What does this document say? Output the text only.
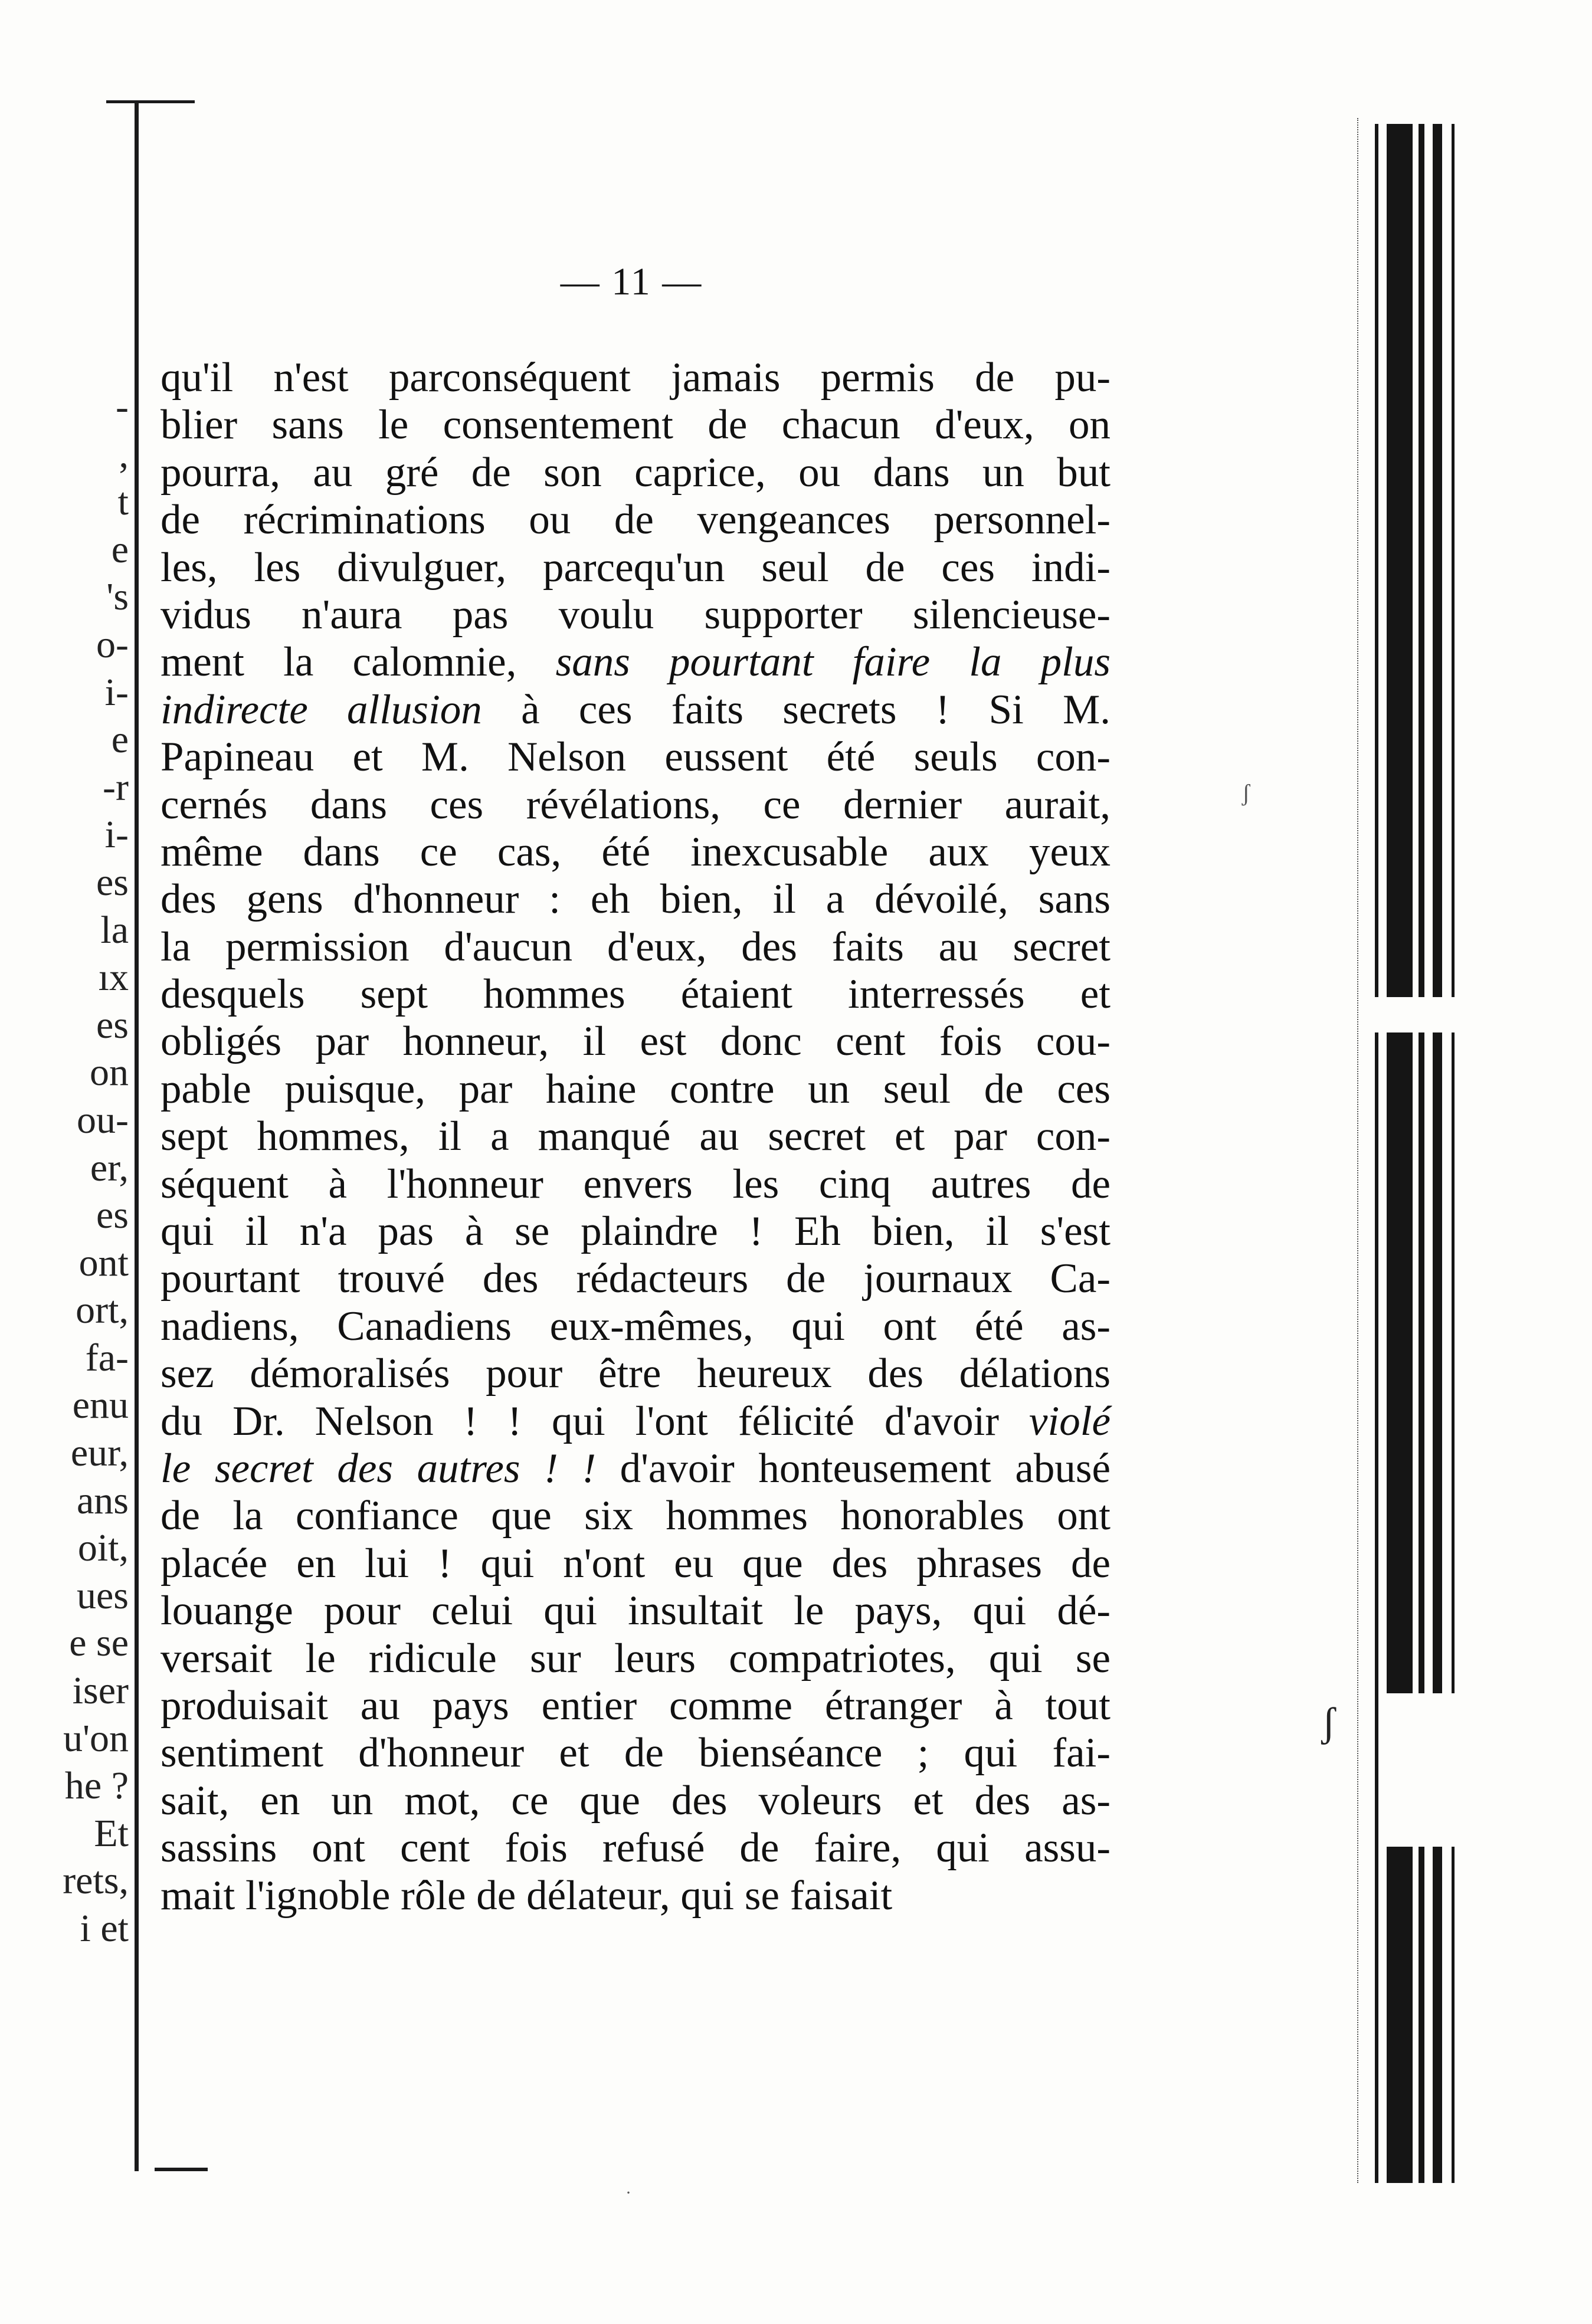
-
,
t
e
's
o-
i-
e
-r
i-
es
la
ıx
es
on
ou-
er,
es
ont
ort,
fa-
enu
eur,
ans
oit,
ues
e se
iser
u'on
he ?
Et
rets,
i et
— 11 —
qu'il n'est parconséquent jamais permis de pu-
blier sans le consentement de chacun d'eux, on
pourra, au gré de son caprice, ou dans un but
de récriminations ou de vengeances personnel-
les, les divulguer, parcequ'un seul de ces indi-
vidus n'aura pas voulu supporter silencieuse-
ment la calomnie, sans pourtant faire la plus
indirecte allusion à ces faits secrets ! Si M.
Papineau et M. Nelson eussent été seuls con-
cernés dans ces révélations, ce dernier aurait,
même dans ce cas, été inexcusable aux yeux
des gens d'honneur : eh bien, il a dévoilé, sans
la permission d'aucun d'eux, des faits au secret
desquels sept hommes étaient interressés et
obligés par honneur, il est donc cent fois cou-
pable puisque, par haine contre un seul de ces
sept hommes, il a manqué au secret et par con-
séquent à l'honneur envers les cinq autres de
qui il n'a pas à se plaindre ! Eh bien, il s'est
pourtant trouvé des rédacteurs de journaux Ca-
nadiens, Canadiens eux-mêmes, qui ont été as-
sez démoralisés pour être heureux des délations
du Dr. Nelson ! ! qui l'ont félicité d'avoir violé
le secret des autres ! ! d'avoir honteusement abusé
de la confiance que six hommes honorables ont
placée en lui ! qui n'ont eu que des phrases de
louange pour celui qui insultait le pays, qui dé-
versait le ridicule sur leurs compatriotes, qui se
produisait au pays entier comme étranger à tout
sentiment d'honneur et de bienséance ; qui fai-
sait, en un mot, ce que des voleurs et des as-
sassins ont cent fois refusé de faire, qui assu-
mait l'ignoble rôle de délateur, qui se faisait
ʃ
ʃ
·
